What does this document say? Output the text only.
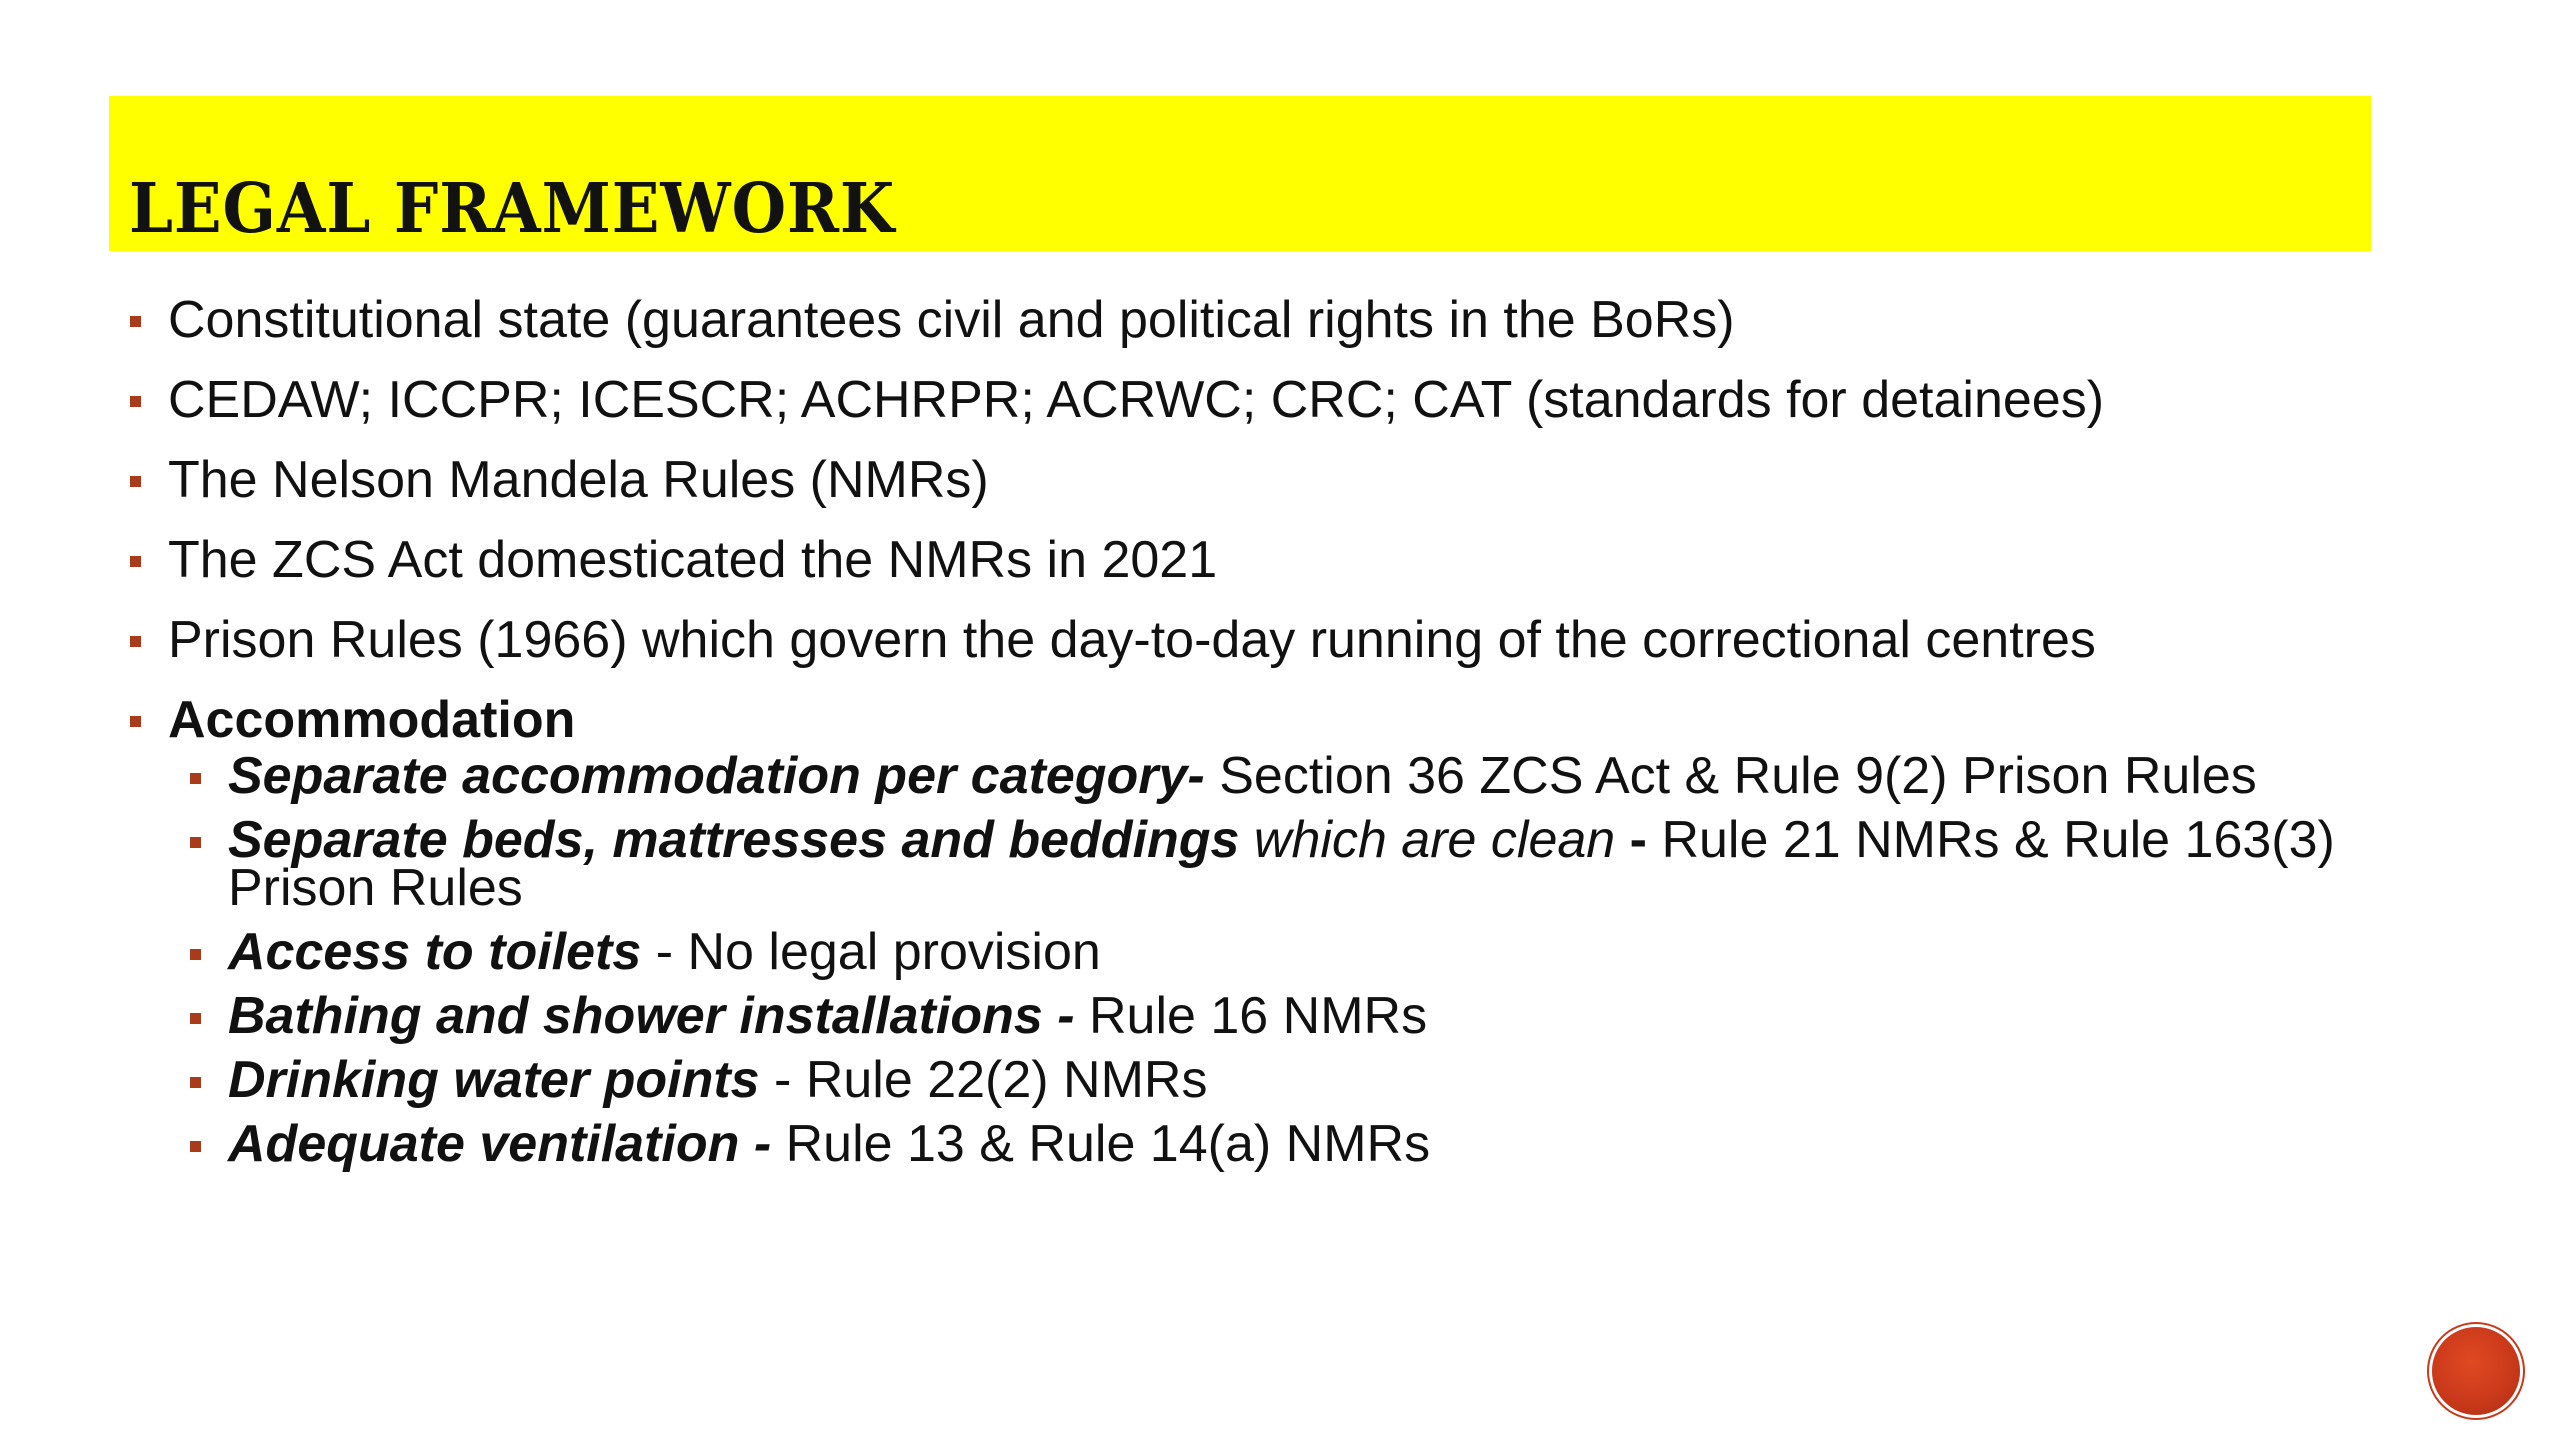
LEGAL FRAMEWORK
Constitutional state (guarantees civil and political rights in the BoRs)
CEDAW; ICCPR; ICESCR; ACHRPR; ACRWC; CRC; CAT (standards for detainees)
The Nelson Mandela Rules (NMRs)
The ZCS Act domesticated the NMRs in 2021
Prison Rules (1966) which govern the day-to-day running of the correctional centres
Accommodation
Separate accommodation per category- Section 36 ZCS Act & Rule 9(2) Prison Rules
Separate beds, mattresses and beddings which are clean - Rule 21 NMRs & Rule 163(3) Prison Rules
Access to toilets - No legal provision
Bathing and shower installations - Rule 16 NMRs
Drinking water points - Rule 22(2) NMRs
Adequate ventilation - Rule 13 & Rule 14(a) NMRs
